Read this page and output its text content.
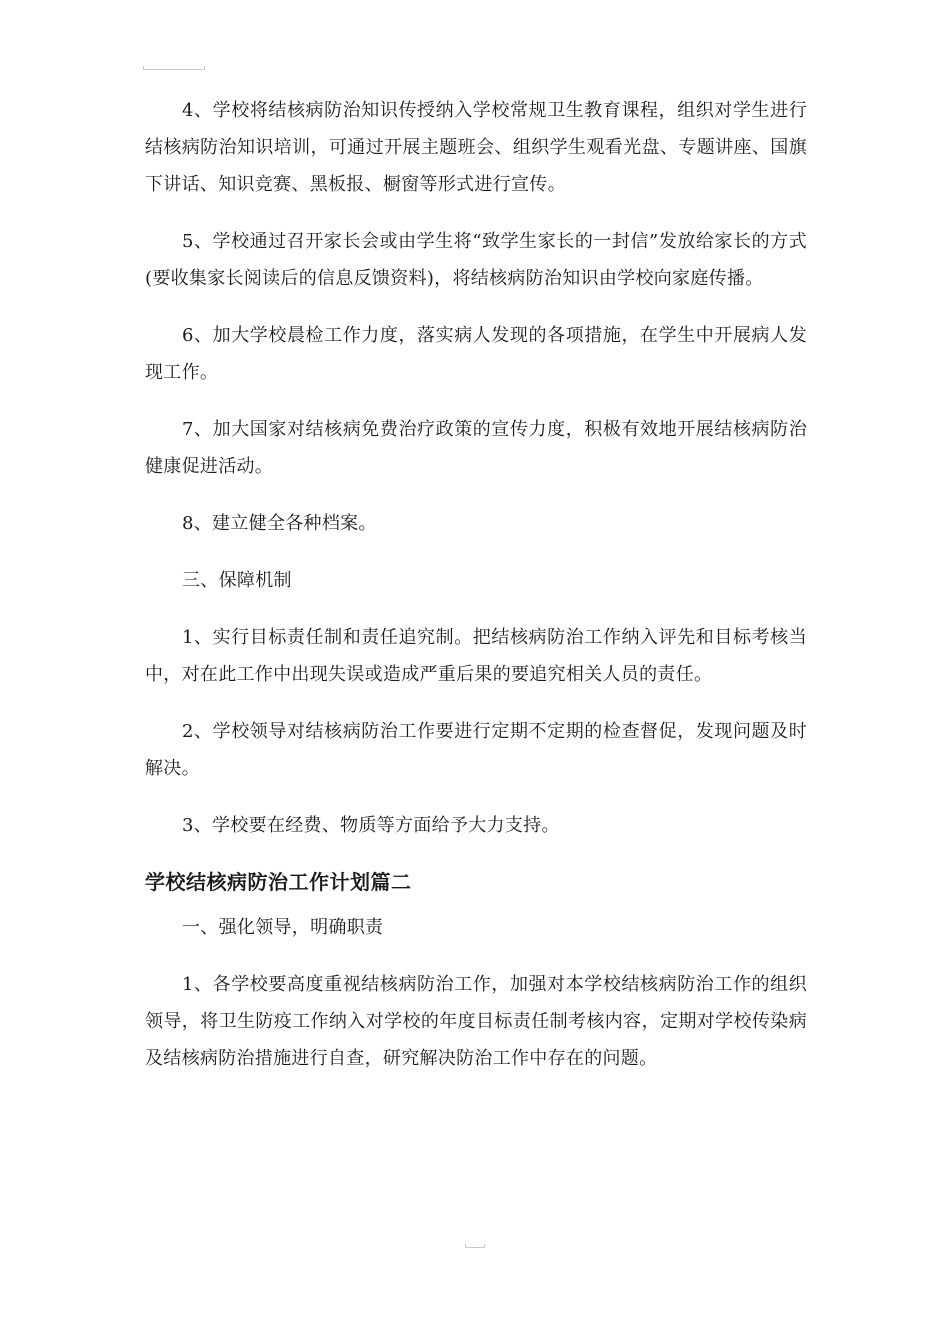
4、学校将结核病防治知识传授纳入学校常规卫生教育课程，组织对学生进行结核病防治知识培训，可通过开展主题班会、组织学生观看光盘、专题讲座、国旗下讲话、知识竞赛、黑板报、橱窗等形式进行宣传。

5、学校通过召开家长会或由学生将“致学生家长的一封信”发放给家长的方式(要收集家长阅读后的信息反馈资料)，将结核病防治知识由学校向家庭传播。

6、加大学校晨检工作力度，落实病人发现的各项措施，在学生中开展病人发现工作。

7、加大国家对结核病免费治疗政策的宣传力度，积极有效地开展结核病防治健康促进活动。

8、建立健全各种档案。

三、保障机制

1、实行目标责任制和责任追究制。把结核病防治工作纳入评先和目标考核当中，对在此工作中出现失误或造成严重后果的要追究相关人员的责任。

2、学校领导对结核病防治工作要进行定期不定期的检查督促，发现问题及时解决。

3、学校要在经费、物质等方面给予大力支持。

学校结核病防治工作计划篇二

一、强化领导，明确职责

1、各学校要高度重视结核病防治工作，加强对本学校结核病防治工作的组织领导，将卫生防疫工作纳入对学校的年度目标责任制考核内容，定期对学校传染病及结核病防治措施进行自查，研究解决防治工作中存在的问题。
